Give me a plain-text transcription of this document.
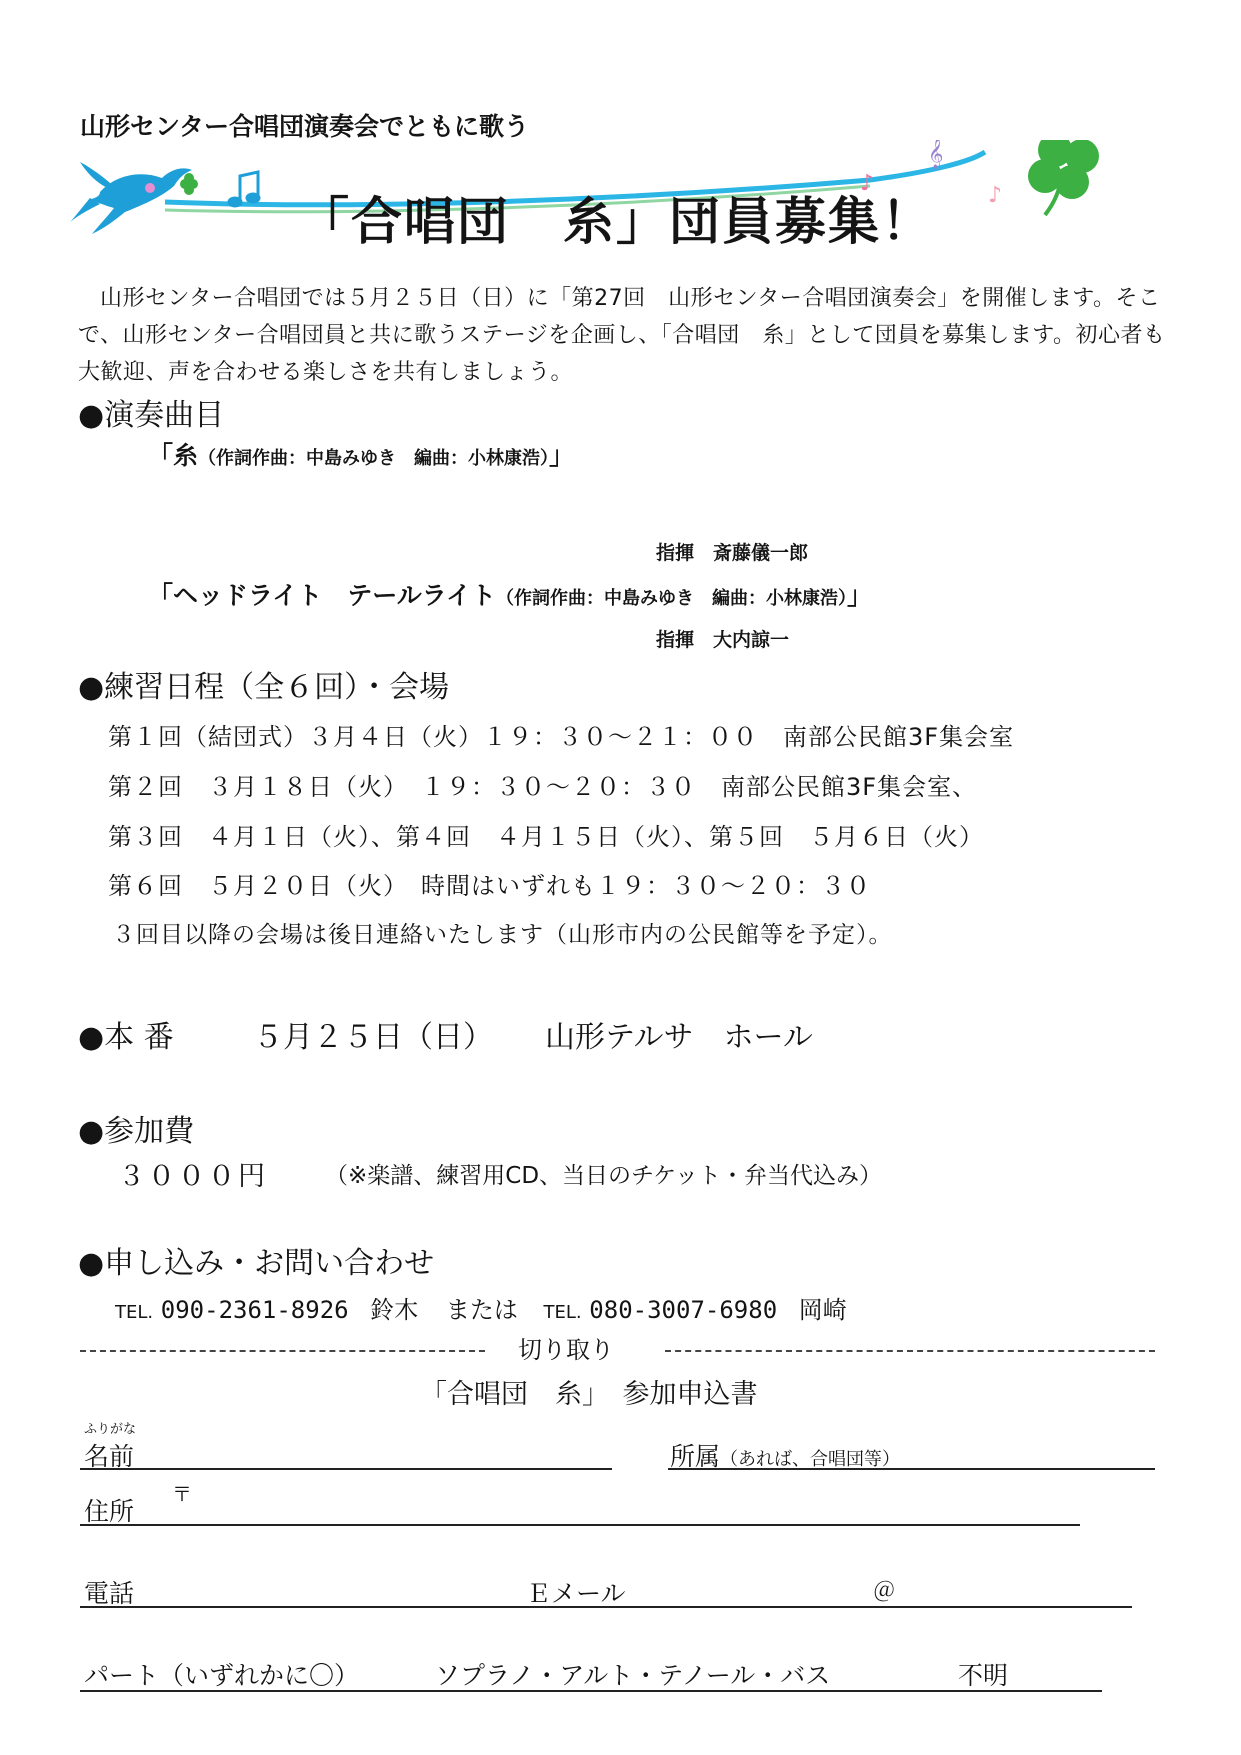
𝄞
♪	♪
山形センター合唱団演奏会でともに歌う
「合唱団　糸」団員募集！
山形センター合唱団では５月２５日（日）に「第27回　山形センター合唱団演奏会」を開催します。そこで、山形センター合唱団員と共に歌うステージを企画し、「合唱団　糸」として団員を募集します。初心者も大歓迎、声を合わせる楽しさを共有しましょう。
●演奏曲目
「糸（作詞作曲：中島みゆき　編曲：小林康浩）」
指揮　斎藤儀一郎
「ヘッドライト　テールライト（作詞作曲：中島みゆき　編曲：小林康浩）」
指揮　大内諒一
●練習日程（全６回）・会場
第１回（結団式）３月４日（火）１９：３０～２１：００　南部公民館3F集会室
第２回　３月１８日（火）　１９：３０～２０：３０　南部公民館3F集会室、
第３回　４月１日（火）、第４回　４月１５日（火）、第５回　５月６日（火）
第６回　５月２０日（火）　時間はいずれも１９：３０～２０：３０
３回目以降の会場は後日連絡いたします（山形市内の公民館等を予定）。
●本 番	５月２５日（日） 山形テルサ　ホール
●参加費
３０００円 （※楽譜、練習用CD、当日のチケット・弁当代込み）
●申し込み・お問い合わせ
TEL. 090-2361-8926 鈴木 または TEL. 080-3007-6980 岡崎
切り取り
「合唱団　糸」　参加申込書
ふりがな
名前	所属（あれば、合唱団等）
〒
住所
電話	Ｅメール	＠
パート（いずれかに〇）	ソプラノ・アルト・テノール・バス	不明
